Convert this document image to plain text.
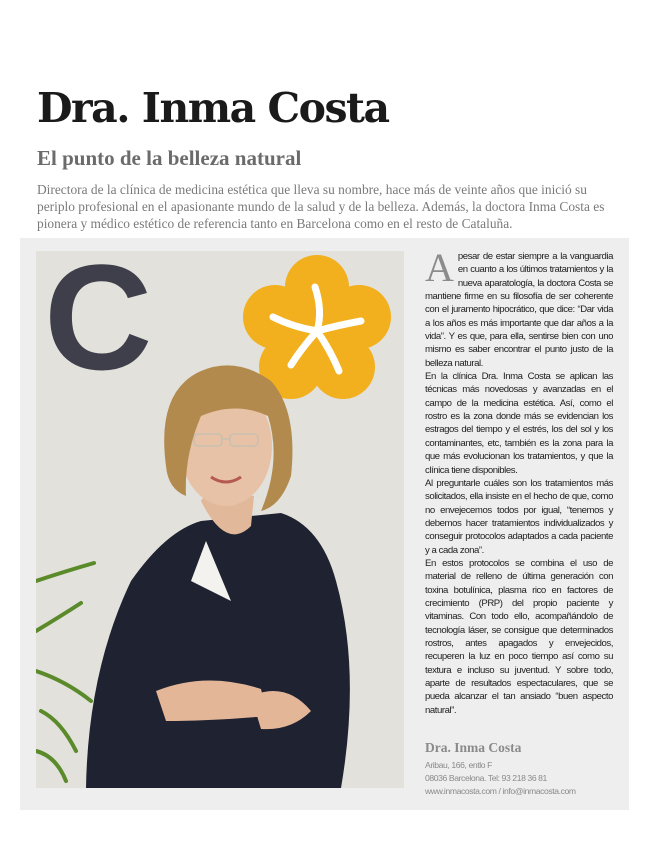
Dra. Inma Costa
El punto de la belleza natural

Directora de la clínica de medicina estética que lleva su nombre, hace más de veinte años que inició su periplo profesional en el apasionante mundo de la salud y de la belleza. Además, la doctora Inma Costa es pionera y médico estético de referencia tanto en Barcelona como en el resto de Cataluña.

C	A pesar de estar siempre a la vanguardia en cuanto a los últimos tratamientos y la nueva aparatología, la doctora Costa se mantiene firme en su filosofía de ser coherente con el juramento hipocrático, que dice: “Dar vida a los años es más importante que dar años a la vida”. Y es que, para ella, sentirse bien con uno mismo es saber encontrar el punto justo de la belleza natural.

En la clínica Dra. Inma Costa se aplican las técnicas más novedosas y avanzadas en el campo de la medicina estética. Así, como el rostro es la zona donde más se evidencian los estragos del tiempo y el estrés, los del sol y los contaminantes, etc, también es la zona para la que más evolucionan los tratamientos, y que la clínica tiene disponibles.

Al preguntarle cuáles son los tratamientos más solicitados, ella insiste en el hecho de que, como no envejecemos todos por igual, “tenemos y debemos hacer tratamientos individualizados y conseguir protocolos adaptados a cada paciente y a cada zona”.

En estos protocolos se combina el uso de material de relleno de última generación con toxina botulínica, plasma rico en factores de crecimiento (PRP) del propio paciente y vitaminas. Con todo ello, acompañándolo de tecnología láser, se consigue que determinados rostros, antes apagados y envejecidos, recuperen la luz en poco tiempo así como su textura e incluso su juventud. Y sobre todo, aparte de resultados espectaculares, que se pueda alcanzar el tan ansiado “buen aspecto natural”.

Dra. Inma Costa

Aribau, 166, entlo F

08036 Barcelona. Tel: 93 218 36 81

www.inmacosta.com / info@inmacosta.com
